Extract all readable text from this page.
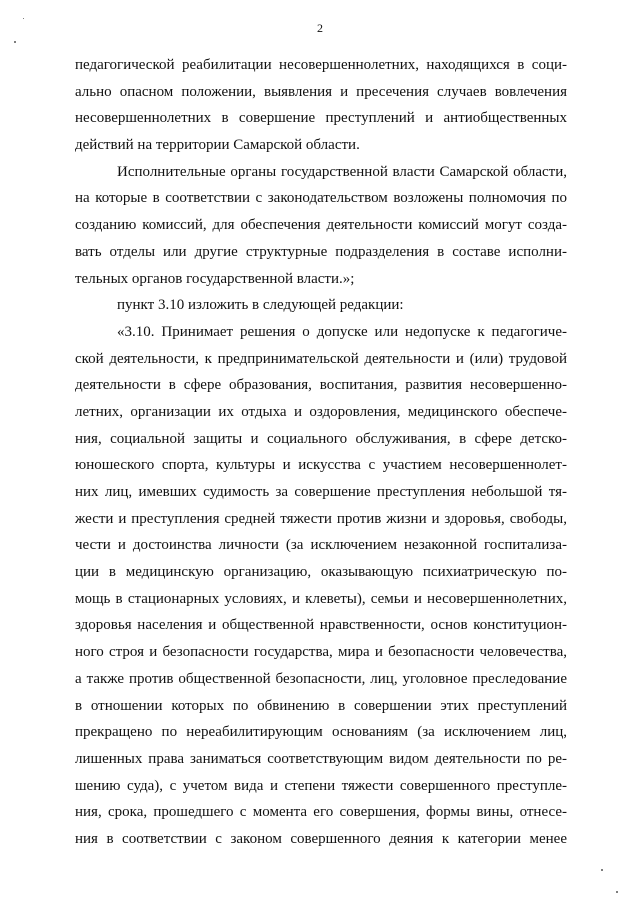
2
педагогической реабилитации несовершеннолетних, находящихся в соци-
ально опасном положении, выявления и пресечения случаев вовлечения
несовершеннолетних в совершение преступлений и антиобщественных
действий на территории Самарской области.
Исполнительные органы государственной власти Самарской области,
на которые в соответствии с законодательством возложены полномочия по
созданию комиссий, для обеспечения деятельности комиссий могут созда-
вать отделы или другие структурные подразделения в составе исполни-
тельных органов государственной власти.»;
пункт 3.10 изложить в следующей редакции:
«3.10. Принимает решения о допуске или недопуске к педагогиче-
ской деятельности, к предпринимательской деятельности и (или) трудовой
деятельности в сфере образования, воспитания, развития несовершенно-
летних, организации их отдыха и оздоровления, медицинского обеспече-
ния, социальной защиты и социального обслуживания, в сфере детско-
юношеского спорта, культуры и искусства с участием несовершеннолет-
них лиц, имевших судимость за совершение преступления небольшой тя-
жести и преступления средней тяжести против жизни и здоровья, свободы,
чести и достоинства личности (за исключением незаконной госпитализа-
ции в медицинскую организацию, оказывающую психиатрическую по-
мощь в стационарных условиях, и клеветы), семьи и несовершеннолетних,
здоровья населения и общественной нравственности, основ конституцион-
ного строя и безопасности государства, мира и безопасности человечества,
а также против общественной безопасности, лиц, уголовное преследование
в отношении которых по обвинению в совершении этих преступлений
прекращено по нереабилитирующим основаниям (за исключением лиц,
лишенных права заниматься соответствующим видом деятельности по ре-
шению суда), с учетом вида и степени тяжести совершенного преступле-
ния, срока, прошедшего с момента его совершения, формы вины, отнесе-
ния в соответствии с законом совершенного деяния к категории менее
